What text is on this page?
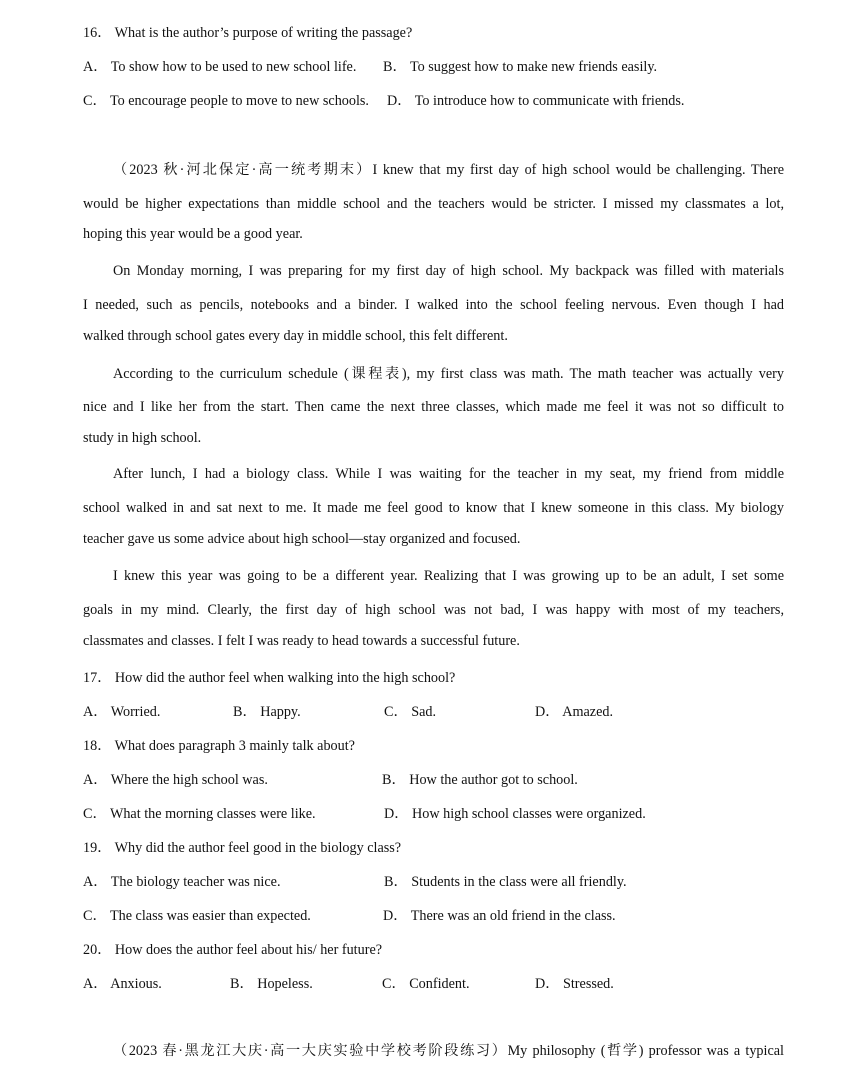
16． What is the author’s purpose of writing the passage?
A． To show how to be used to new school life. B． To suggest how to make new friends easily.
C． To encourage people to move to new schools. D． To introduce how to communicate with friends.
（2023 秋·河北保定·高一统考期末）I knew that my first day of high school would be challenging. There
would be higher expectations than middle school and the teachers would be stricter. I missed my classmates a lot,
hoping this year would be a good year.
On Monday morning, I was preparing for my first day of high school. My backpack was filled with materials
I needed, such as pencils, notebooks and a binder. I walked into the school feeling nervous. Even though I had
walked through school gates every day in middle school, this felt different.
According to the curriculum schedule (课程表), my first class was math. The math teacher was actually very
nice and I like her from the start. Then came the next three classes, which made me feel it was not so difficult to
study in high school.
After lunch, I had a biology class. While I was waiting for the teacher in my seat, my friend from middle
school walked in and sat next to me. It made me feel good to know that I knew someone in this class. My biology
teacher gave us some advice about high school—stay organized and focused.
I knew this year was going to be a different year. Realizing that I was growing up to be an adult, I set some
goals in my mind. Clearly, the first day of high school was not bad, I was happy with most of my teachers,
classmates and classes. I felt I was ready to head towards a successful future.
17． How did the author feel when walking into the high school?
A． Worried.	B． Happy.	C． Sad.	D． Amazed.
18． What does paragraph 3 mainly talk about?
A． Where the high school was.	B． How the author got to school.
C． What the morning classes were like.	D． How high school classes were organized.
19． Why did the author feel good in the biology class?
A． The biology teacher was nice.	B． Students in the class were all friendly.
C． The class was easier than expected.	D． There was an old friend in the class.
20． How does the author feel about his/ her future?
A． Anxious.	B． Hopeless.	C． Confident.	D． Stressed.
（2023 春·黑龙江大庆·高一大庆实验中学校考阶段练习）My philosophy (哲学) professor was a typical
